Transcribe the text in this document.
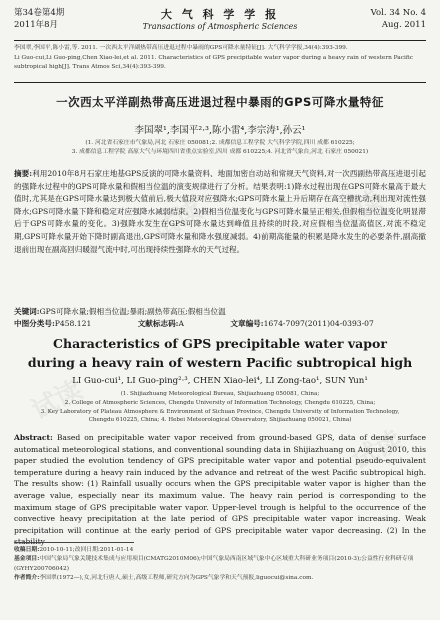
试读	试读
试读
试读
第34卷第4期
2011年8月
大 气 科 学 学 报
Transactions of Atmospheric Sciences
Vol. 34 No. 4
Aug. 2011
李国翠,李国平,陈小雷,等. 2011. 一次西太平洋副热带高压进退过程中暴雨的GPS可降水量特征[J]. 大气科学学报,34(4):393-399.
Li Guo-cui,Li Guo-ping,Chen Xiao-lei,et al. 2011. Characteristics of GPS precipitable water vapor during a heavy rain of western Pacific subtropical high[J]. Trans Atmos Sci,34(4):393-399.
一次西太平洋副热带高压进退过程中暴雨的GPS可降水量特征
李国翠¹,李国平²·³,陈小雷⁴,李宗涛¹,孙云¹
(1. 河北省石家庄市气象局,河北 石家庄 050081;2. 成都信息工程学院 大气科学学院,四川 成都 610225;
3. 成都信息工程学院 高原大气与环境四川省重点实验室,四川 成都 610225;4. 河北省气象台,河北 石家庄 050021)
摘要:利用2010年8月石家庄地基GPS反演的可降水量资料、地面加密自动站和常规天气资料,对一次西副热带高压进退引起的强降水过程中的GPS可降水量和假相当位温的演变规律进行了分析。结果表明:1)降水过程出现在GPS可降水量高于最大值时,尤其是在GPS可降水量达到极大值前后,极大值段对应强降水;GPS可降水量上升后期存在高空槽扰动,利出现对流性强降水;GPS可降水量下降和稳定对应强降水减弱结束。2)假相当位温变化与GPS可降水量呈正相关,但假相当位温变化明显滞后于GPS可降水量的变化。3)强降水发生在GPS可降水量达到峰值且持续的时段,对应假相当位温高值区,对流不稳定期,GPS可降水量开始下降时副高退出,GPS可降水量和降水强度减弱。4)前期高能量的积累是降水发生的必要条件,副高撤退前出现在副高回归暖湿气流中时,可出现持续性强降水的天气过程。
关键词:GPS可降水量;假相当位温;暴雨;副热带高压;假相当位温
中图分类号:P458.121	文献标志码:A	文章编号:1674-7097(2011)04-0393-07
Characteristics of GPS precipitable water vapor
during a heavy rain of western Pacific subtropical high
LI Guo-cui¹, LI Guo-ping²·³, CHEN Xiao-lei⁴, LI Zong-tao¹, SUN Yun¹
(1. Shijiazhuang Meteorological Bureau, Shijiazhuang 050081, China;
2. College of Atmospheric Sciences, Chengdu University of Information Technology, Chengdu 610225, China;
3. Key Laboratory of Plateau Atmosphere & Environment of Sichuan Province, Chengdu University of Information Technology,
Chengdu 610225, China; 4. Hebei Meteorological Observatory, Shijiazhuang 050021, China)
Abstract: Based on precipitable water vapor received from ground-based GPS, data of dense surface automatical meteorological stations, and conventional sounding data in Shijiazhuang on August 2010, this paper studied the evolution tendency of GPS precipitable water vapor and potential pseudo-equivalent temperature during a heavy rain induced by the advance and retreat of the west Pacific subtropical high. The results show: (1) Rainfall usually occurs when the GPS precipitable water vapor is higher than the average value, especially near its maximum value. The heavy rain period is corresponding to the maximum stage of GPS precipitable water vapor. Upper-level trough is helpful to the occurrence of the convective heavy precipitation at the late period of GPS precipitable water vapor increasing. Weak precipitation will continue at the early period of GPS precipitable water vapor decreasing. (2) In the stability
收稿日期:2010-10-11;改回日期:2011-01-14
基金项目:中国气象局气象关键技术集成与应用项目(CMATG2010M06);中国气象局西南区域气象中心区域重大科研业务项目(2010-3);公益性行业科研专项(GYHY200706042)
作者简介:李国翠(1972—),女,河北行唐人,硕士,高级工程师,研究方向为GPS气象学和天气预报,liguocui@sina.com.
